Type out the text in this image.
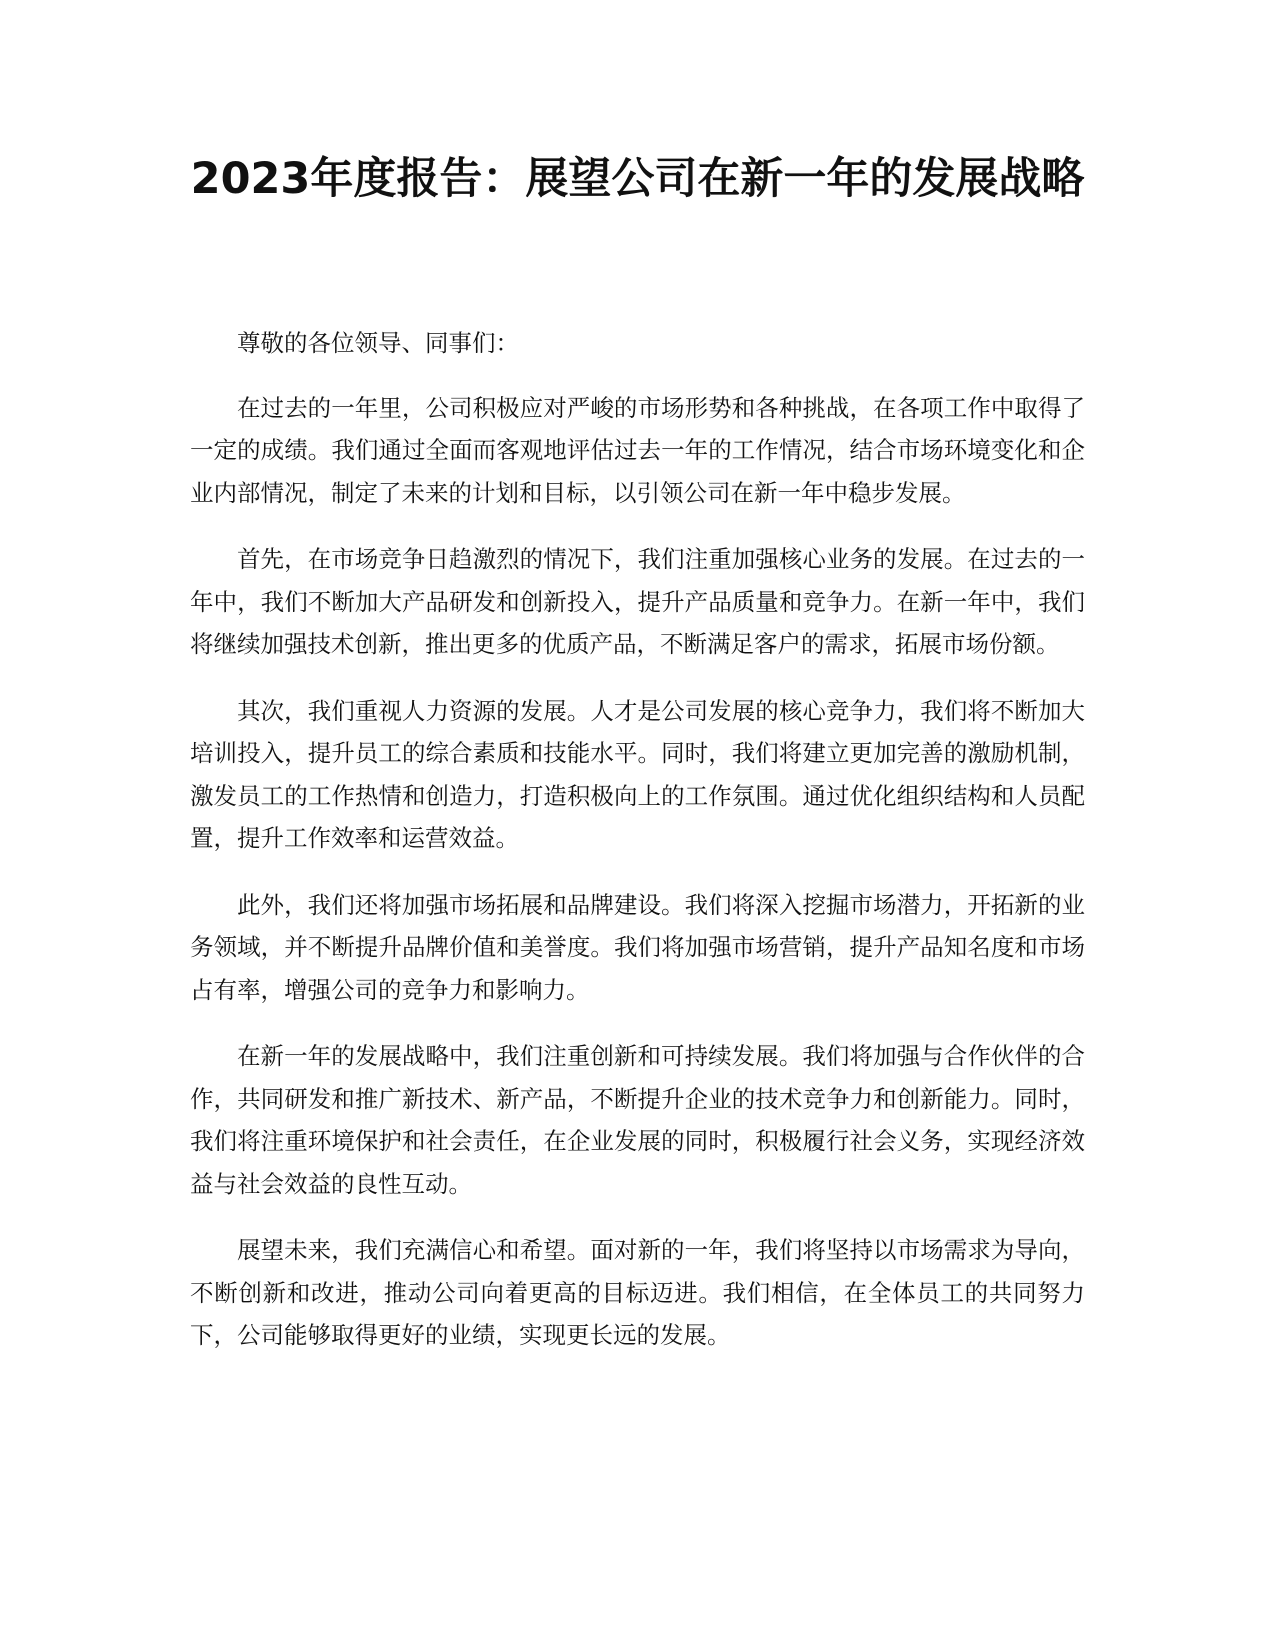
2023年度报告：展望公司在新一年的发展战略

尊敬的各位领导、同事们：

在过去的一年里，公司积极应对严峻的市场形势和各种挑战，在各项工作中取得了一定的成绩。我们通过全面而客观地评估过去一年的工作情况，结合市场环境变化和企业内部情况，制定了未来的计划和目标，以引领公司在新一年中稳步发展。

首先，在市场竞争日趋激烈的情况下，我们注重加强核心业务的发展。在过去的一年中，我们不断加大产品研发和创新投入，提升产品质量和竞争力。在新一年中，我们将继续加强技术创新，推出更多的优质产品，不断满足客户的需求，拓展市场份额。

其次，我们重视人力资源的发展。人才是公司发展的核心竞争力，我们将不断加大培训投入，提升员工的综合素质和技能水平。同时，我们将建立更加完善的激励机制，激发员工的工作热情和创造力，打造积极向上的工作氛围。通过优化组织结构和人员配置，提升工作效率和运营效益。

此外，我们还将加强市场拓展和品牌建设。我们将深入挖掘市场潜力，开拓新的业务领域，并不断提升品牌价值和美誉度。我们将加强市场营销，提升产品知名度和市场占有率，增强公司的竞争力和影响力。

在新一年的发展战略中，我们注重创新和可持续发展。我们将加强与合作伙伴的合作，共同研发和推广新技术、新产品，不断提升企业的技术竞争力和创新能力。同时，我们将注重环境保护和社会责任，在企业发展的同时，积极履行社会义务，实现经济效益与社会效益的良性互动。

展望未来，我们充满信心和希望。面对新的一年，我们将坚持以市场需求为导向，不断创新和改进，推动公司向着更高的目标迈进。我们相信，在全体员工的共同努力下，公司能够取得更好的业绩，实现更长远的发展。
